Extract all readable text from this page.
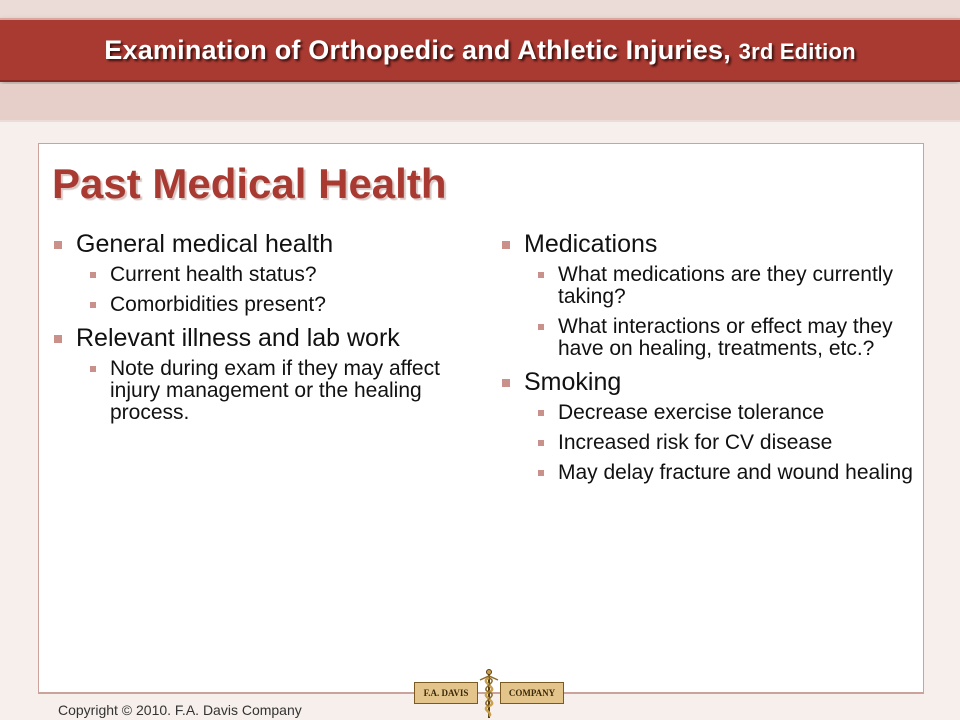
Examination of Orthopedic and Athletic Injuries, 3rd Edition
Past Medical Health
General medical health
Current health status?
Comorbidities present?
Relevant illness and lab work
Note during exam if they may affect injury management or the healing process.
Medications
What medications are they currently taking?
What interactions or effect may they have on healing, treatments, etc.?
Smoking
Decrease exercise tolerance
Increased risk for CV disease
May delay fracture and wound healing
Copyright © 2010. F.A. Davis Company
F.A. DAVIS	COMPANY
